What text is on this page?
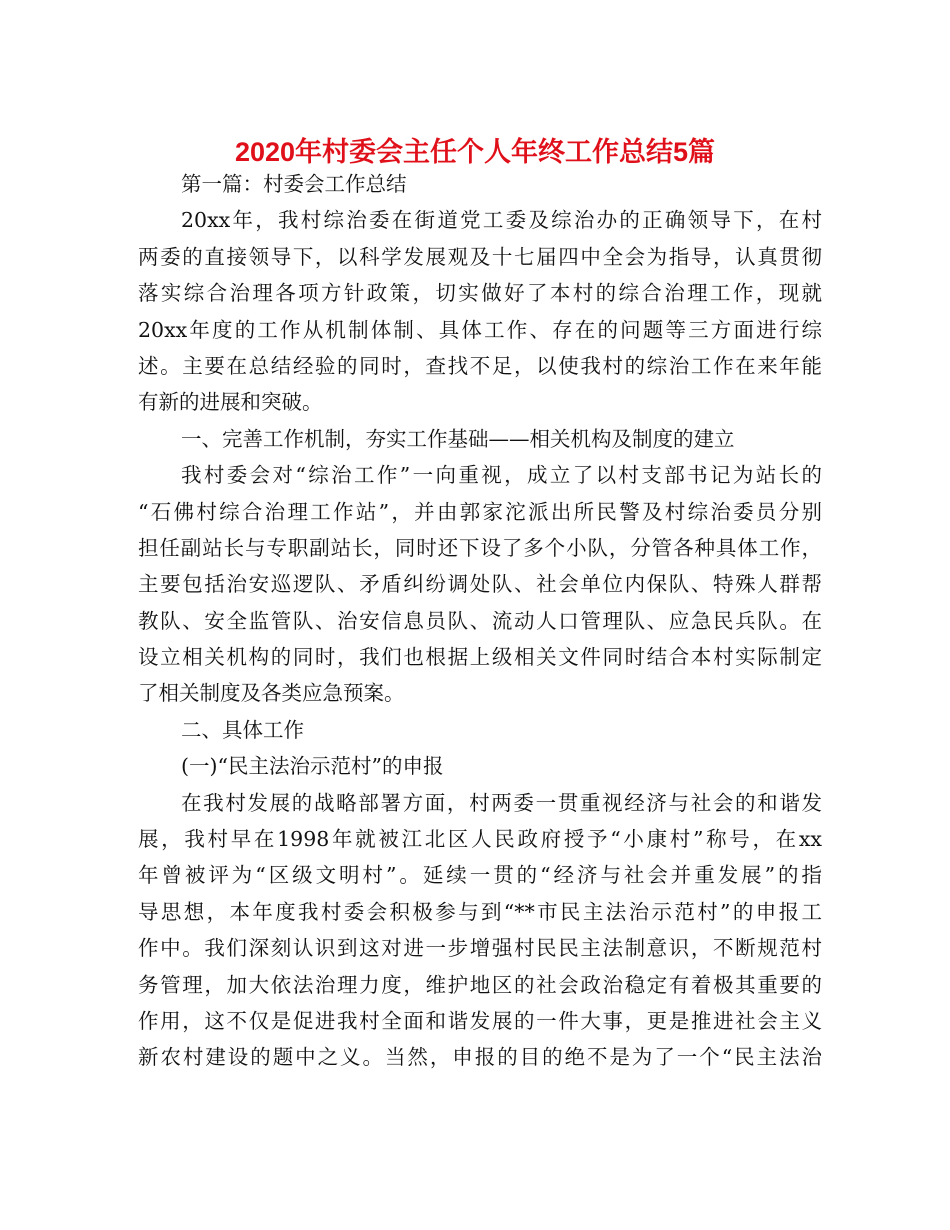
2020年村委会主任个人年终工作总结5篇
第一篇：村委会工作总结
20xx年，我村综治委在街道党工委及综治办的正确领导下，在村
两委的直接领导下，以科学发展观及十七届四中全会为指导，认真贯彻
落实综合治理各项方针政策，切实做好了本村的综合治理工作，现就
20xx年度的工作从机制体制、具体工作、存在的问题等三方面进行综
述。主要在总结经验的同时，查找不足，以使我村的综治工作在来年能
有新的进展和突破。
一、完善工作机制，夯实工作基础——相关机构及制度的建立
我村委会对“综治工作”一向重视，成立了以村支部书记为站长的
“石佛村综合治理工作站”，并由郭家沱派出所民警及村综治委员分别
担任副站长与专职副站长，同时还下设了多个小队，分管各种具体工作，
主要包括治安巡逻队、矛盾纠纷调处队、社会单位内保队、特殊人群帮
教队、安全监管队、治安信息员队、流动人口管理队、应急民兵队。在
设立相关机构的同时，我们也根据上级相关文件同时结合本村实际制定
了相关制度及各类应急预案。
二、具体工作
(一)“民主法治示范村”的申报
在我村发展的战略部署方面，村两委一贯重视经济与社会的和谐发
展，我村早在1998年就被江北区人民政府授予“小康村”称号，在xx
年曾被评为“区级文明村”。延续一贯的“经济与社会并重发展”的指
导思想，本年度我村委会积极参与到“**市民主法治示范村”的申报工
作中。我们深刻认识到这对进一步增强村民民主法制意识，不断规范村
务管理，加大依法治理力度，维护地区的社会政治稳定有着极其重要的
作用，这不仅是促进我村全面和谐发展的一件大事，更是推进社会主义
新农村建设的题中之义。当然，申报的目的绝不是为了一个“民主法治
